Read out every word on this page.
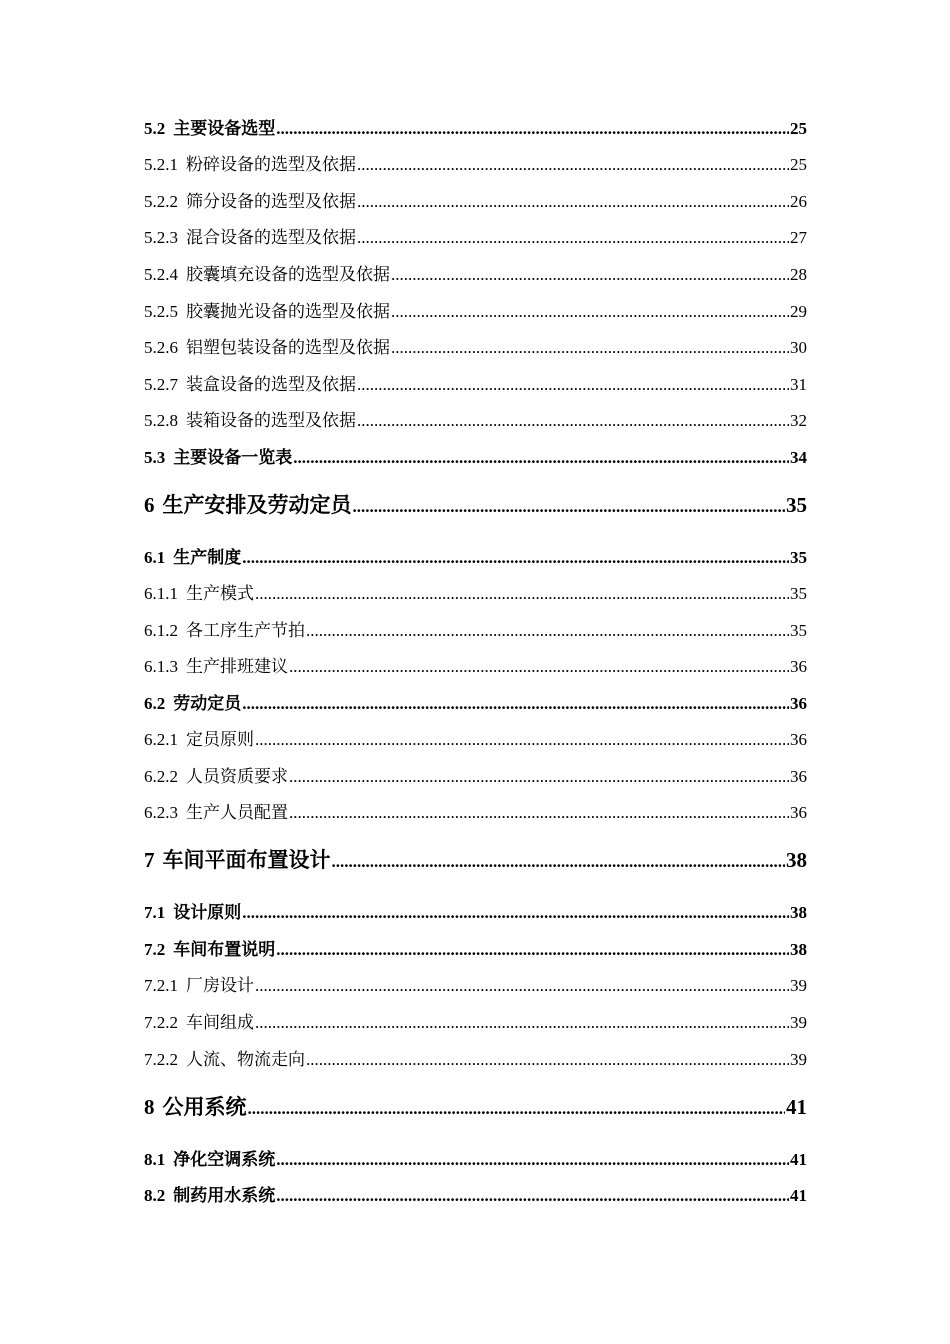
5.2 主要设备选型 .....	25
5.2.1 粉碎设备的选型及依据 .....	25
5.2.2 筛分设备的选型及依据 .....	26
5.2.3 混合设备的选型及依据 .....	27
5.2.4 胶囊填充设备的选型及依据 .....	28
5.2.5 胶囊抛光设备的选型及依据 .....	29
5.2.6 铝塑包装设备的选型及依据 .....	30
5.2.7 装盒设备的选型及依据 .....	31
5.2.8 装箱设备的选型及依据 .....	32
5.3 主要设备一览表 .....	34
6 生产安排及劳动定员 .....	35
6.1 生产制度 .....	35
6.1.1 生产模式 .....	35
6.1.2 各工序生产节拍 .....	35
6.1.3 生产排班建议 .....	36
6.2 劳动定员 .....	36
6.2.1 定员原则 .....	36
6.2.2 人员资质要求 .....	36
6.2.3 生产人员配置 .....	36
7 车间平面布置设计 .....	38
7.1 设计原则 .....	38
7.2 车间布置说明 .....	38
7.2.1 厂房设计 .....	39
7.2.2 车间组成 .....	39
7.2.2 人流、物流走向 .....	39
8 公用系统 .....	41
8.1 净化空调系统 .....	41
8.2 制药用水系统 .....	41
